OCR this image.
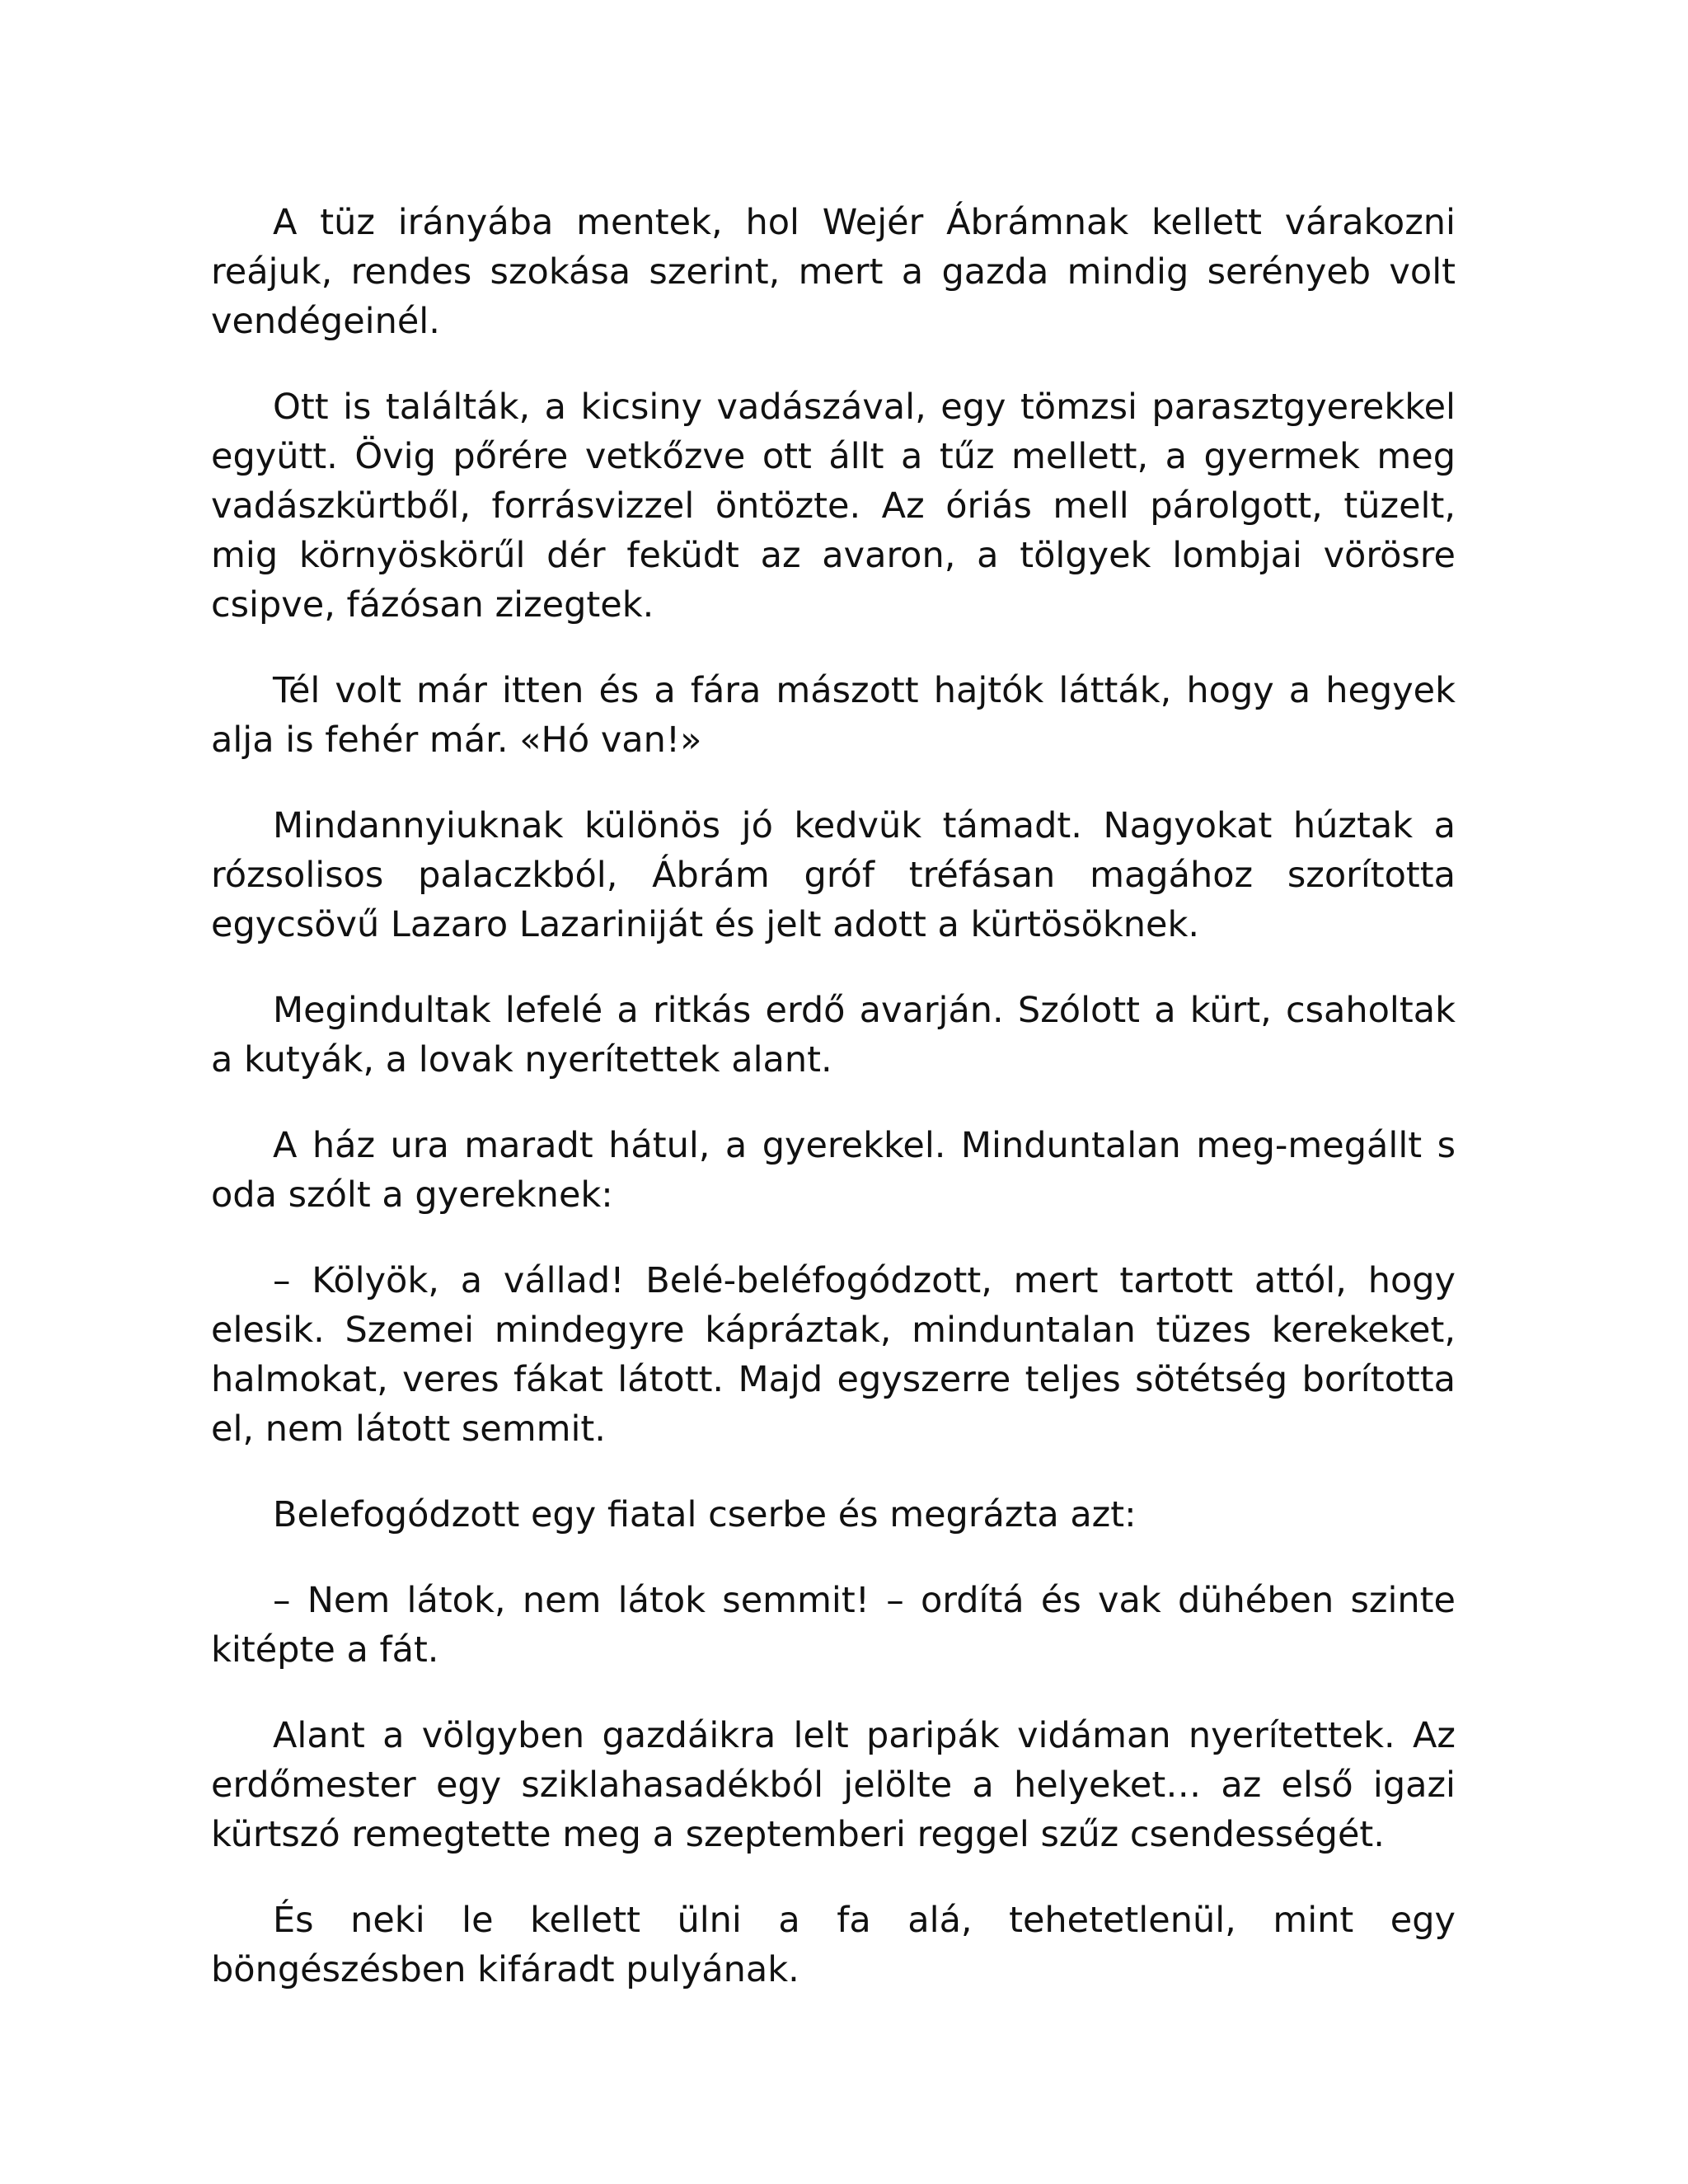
A tüz irányába mentek, hol Wejér Ábrámnak kellett várakozni reájuk, rendes szokása szerint, mert a gazda mindig serényeb volt vendégeinél.

Ott is találták, a kicsiny vadászával, egy tömzsi parasztgyerekkel együtt. Övig pőrére vetkőzve ott állt a tűz mellett, a gyermek meg vadászkürtből, forrásvizzel öntözte. Az óriás mell párolgott, tüzelt, mig környöskörűl dér feküdt az avaron, a tölgyek lombjai vörösre csipve, fázósan zizegtek.

Tél volt már itten és a fára mászott hajtók látták, hogy a hegyek alja is fehér már. «Hó van!»

Mindannyiuknak különös jó kedvük támadt. Nagyokat húztak a rózsolisos palaczkból, Ábrám gróf tréfásan magához szorította egycsövű Lazaro Lazariniját és jelt adott a kürtösöknek.

Megindultak lefelé a ritkás erdő avarján. Szólott a kürt, csaholtak a kutyák, a lovak nyerítettek alant.

A ház ura maradt hátul, a gyerekkel. Minduntalan meg-megállt s oda szólt a gyereknek:

– Kölyök, a vállad! Belé-beléfogódzott, mert tartott attól, hogy elesik. Szemei mindegyre kápráztak, minduntalan tüzes kerekeket, halmokat, veres fákat látott. Majd egyszerre teljes sötétség borította el, nem látott semmit.

Belefogódzott egy fiatal cserbe és megrázta azt:

– Nem látok, nem látok semmit! – ordítá és vak dühében szinte kitépte a fát.

Alant a völgyben gazdáikra lelt paripák vidáman nyerítettek. Az erdőmester egy sziklahasadékból jelölte a helyeket… az első igazi kürtszó remegtette meg a szeptemberi reggel szűz csendességét.

És neki le kellett ülni a fa alá, tehetetlenül, mint egy böngészésben kifáradt pulyának.
